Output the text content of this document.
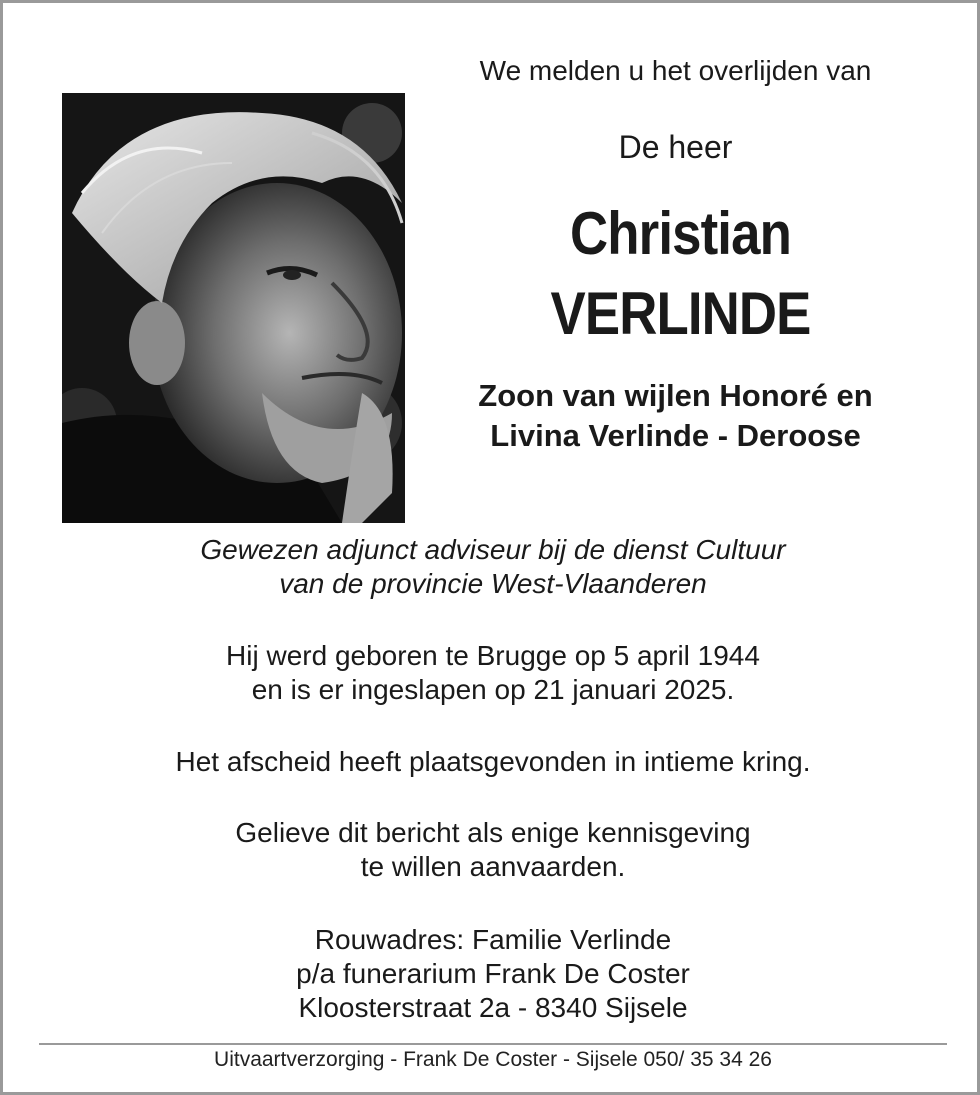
We melden u het overlijden van
De heer
Christian
VERLINDE
Zoon van wijlen Honoré en
Livina Verlinde - Deroose
Gewezen adjunct adviseur bij de dienst Cultuur
van de provincie West-Vlaanderen
Hij werd geboren te Brugge op 5 april 1944
en is er ingeslapen op 21 januari 2025.
Het afscheid heeft plaatsgevonden in intieme kring.
Gelieve dit bericht als enige kennisgeving
te willen aanvaarden.
Rouwadres: Familie Verlinde
p/a funerarium Frank De Coster
Kloosterstraat 2a - 8340 Sijsele
Uitvaartverzorging - Frank De Coster - Sijsele 050/ 35 34 26
